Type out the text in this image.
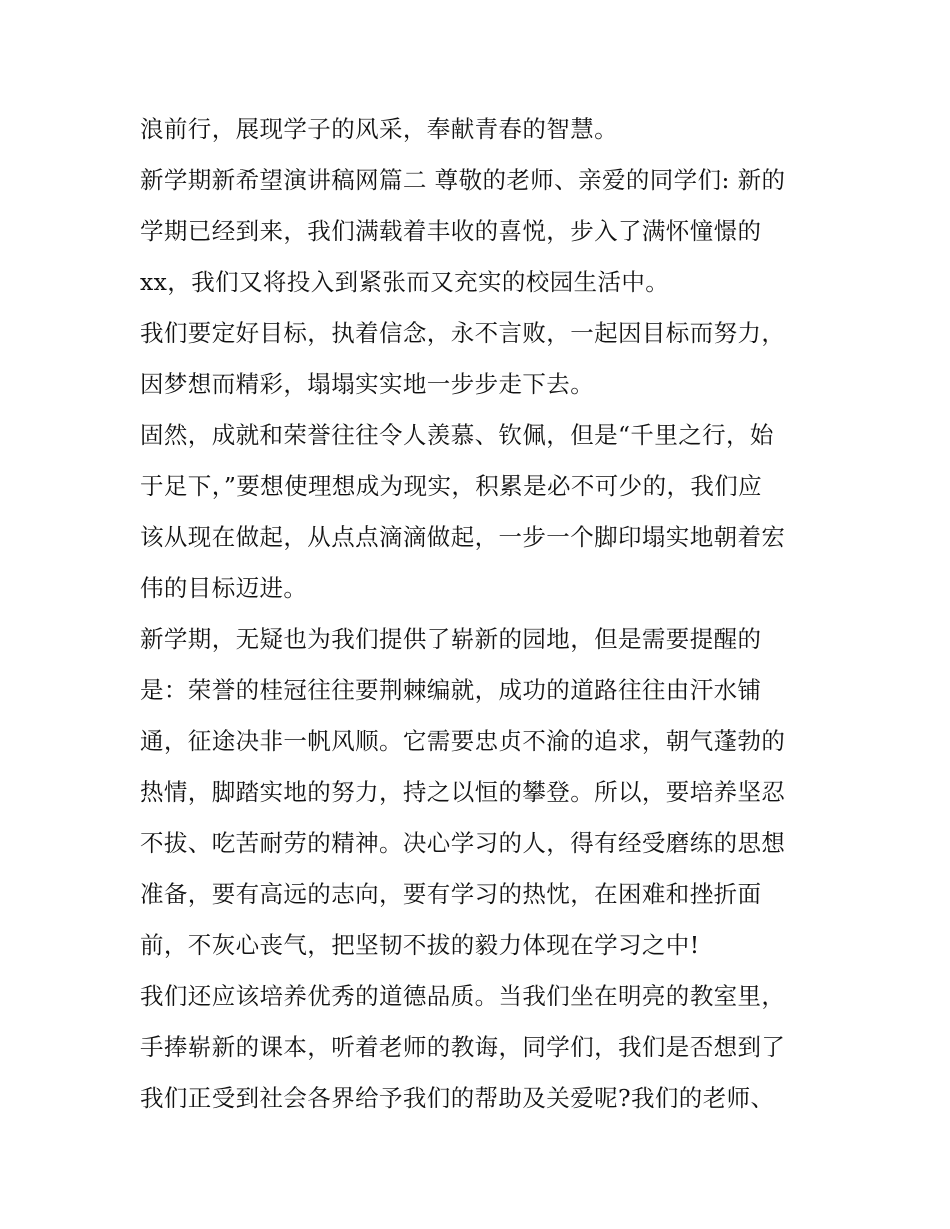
浪前行，展现学子的风采，奉献青春的智慧。
新学期新希望演讲稿网篇二 尊敬的老师、亲爱的同学们: 新的
学期已经到来，我们满载着丰收的喜悦，步入了满怀憧憬的
xx，我们又将投入到紧张而又充实的校园生活中。
我们要定好目标，执着信念，永不言败，一起因目标而努力，
因梦想而精彩，塌塌实实地一步步走下去。
固然，成就和荣誉往往令人羡慕、钦佩，但是“千里之行，始
于足下，”要想使理想成为现实，积累是必不可少的，我们应
该从现在做起，从点点滴滴做起，一步一个脚印塌实地朝着宏
伟的目标迈进。
新学期，无疑也为我们提供了崭新的园地，但是需要提醒的
是：荣誉的桂冠往往要荆棘编就，成功的道路往往由汗水铺
通，征途决非一帆风顺。它需要忠贞不渝的追求，朝气蓬勃的
热情，脚踏实地的努力，持之以恒的攀登。所以，要培养坚忍
不拔、吃苦耐劳的精神。决心学习的人，得有经受磨练的思想
准备，要有高远的志向，要有学习的热忱，在困难和挫折面
前，不灰心丧气，把坚韧不拔的毅力体现在学习之中!
我们还应该培养优秀的道德品质。当我们坐在明亮的教室里，
手捧崭新的课本，听着老师的教诲，同学们，我们是否想到了
我们正受到社会各界给予我们的帮助及关爱呢?我们的老师、
